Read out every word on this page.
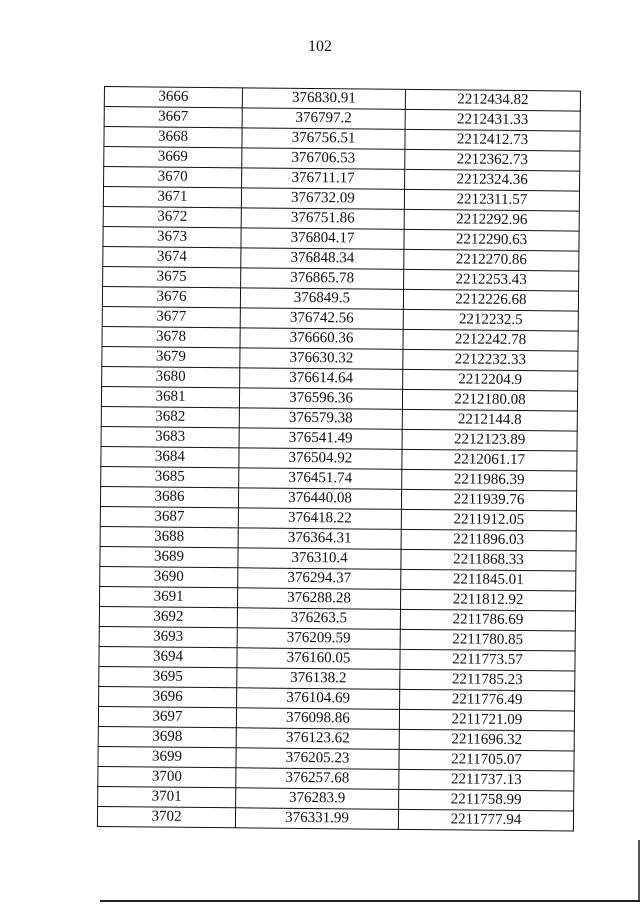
102
3666	376830.91	2212434.82
3667	376797.2	2212431.33
3668	376756.51	2212412.73
3669	376706.53	2212362.73
3670	376711.17	2212324.36
3671	376732.09	2212311.57
3672	376751.86	2212292.96
3673	376804.17	2212290.63
3674	376848.34	2212270.86
3675	376865.78	2212253.43
3676	376849.5	2212226.68
3677	376742.56	2212232.5
3678	376660.36	2212242.78
3679	376630.32	2212232.33
3680	376614.64	2212204.9
3681	376596.36	2212180.08
3682	376579.38	2212144.8
3683	376541.49	2212123.89
3684	376504.92	2212061.17
3685	376451.74	2211986.39
3686	376440.08	2211939.76
3687	376418.22	2211912.05
3688	376364.31	2211896.03
3689	376310.4	2211868.33
3690	376294.37	2211845.01
3691	376288.28	2211812.92
3692	376263.5	2211786.69
3693	376209.59	2211780.85
3694	376160.05	2211773.57
3695	376138.2	2211785.23
3696	376104.69	2211776.49
3697	376098.86	2211721.09
3698	376123.62	2211696.32
3699	376205.23	2211705.07
3700	376257.68	2211737.13
3701	376283.9	2211758.99
3702	376331.99	2211777.94
